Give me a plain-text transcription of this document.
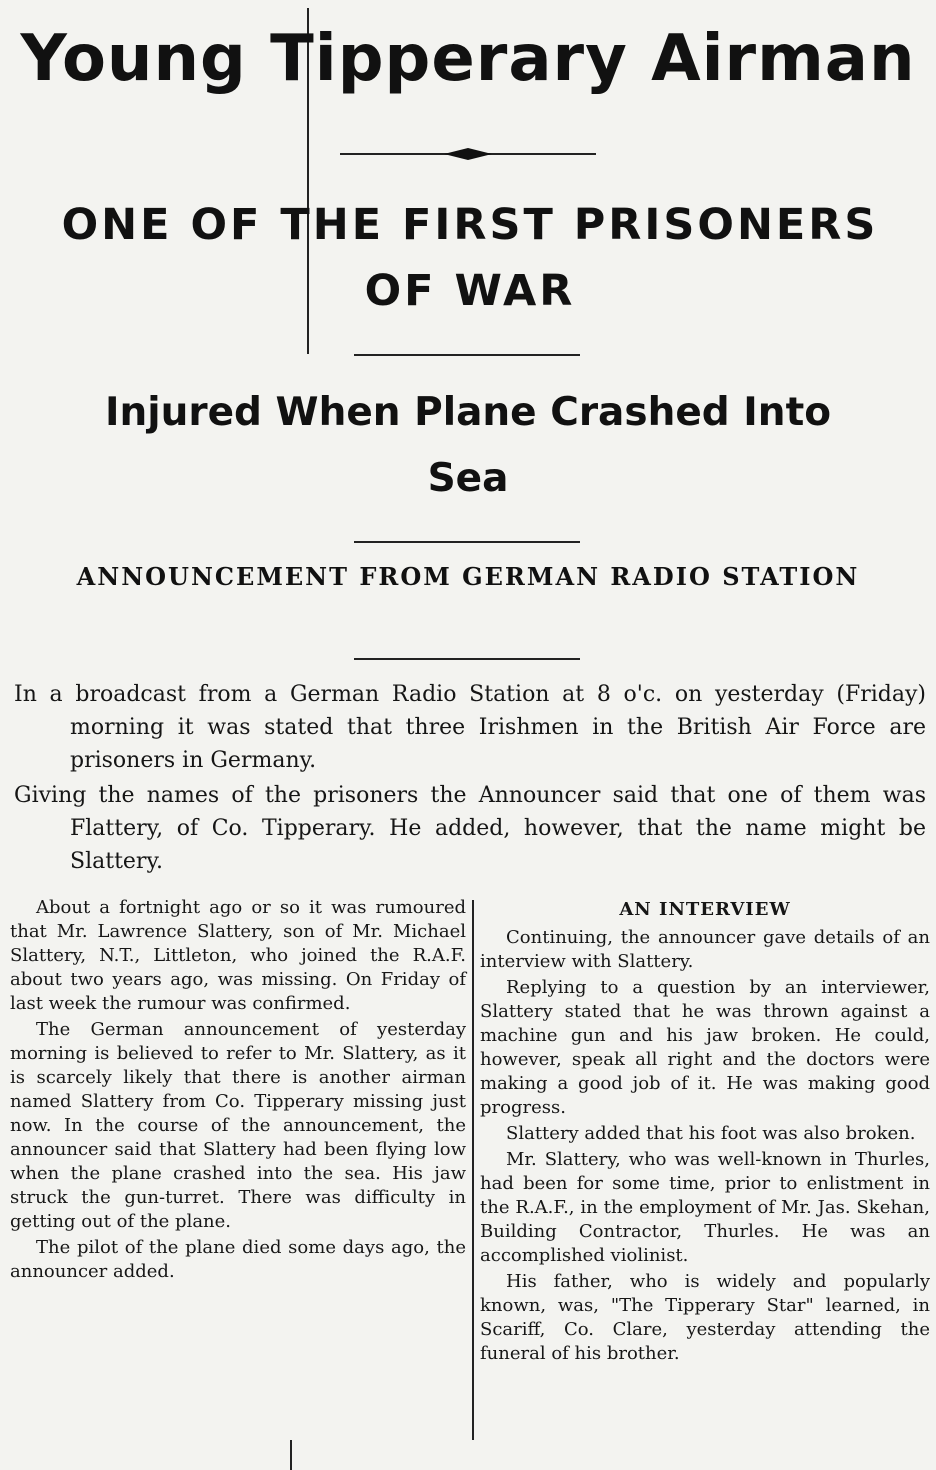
Young Tipperary Airman
ONE OF THE FIRST PRISONERS OF WAR
Injured When Plane Crashed Into Sea
ANNOUNCEMENT FROM GERMAN RADIO STATION

In a broadcast from a German Radio Station at 8 o'c. on yesterday (Friday) morning it was stated that three Irishmen in the British Air Force are prisoners in Germany.

Giving the names of the prisoners the Announcer said that one of them was Flattery, of Co. Tipperary. He added, however, that the name might be Slattery.

About a fortnight ago or so it was rumoured that Mr. Lawrence Slattery, son of Mr. Michael Slattery, N.T., Littleton, who joined the R.A.F. about two years ago, was missing. On Friday of last week the rumour was confirmed.

The German announcement of yesterday morning is believed to refer to Mr. Slattery, as it is scarcely likely that there is another airman named Slattery from Co. Tipperary missing just now. In the course of the announcement, the announcer said that Slattery had been flying low when the plane crashed into the sea. His jaw struck the gun-turret. There was difficulty in getting out of the plane.

The pilot of the plane died some days ago, the announcer added.

AN INTERVIEW

Continuing, the announcer gave details of an interview with Slattery.

Replying to a question by an interviewer, Slattery stated that he was thrown against a machine gun and his jaw broken. He could, however, speak all right and the doctors were making a good job of it. He was making good progress.

Slattery added that his foot was also broken.

Mr. Slattery, who was well-known in Thurles, had been for some time, prior to enlistment in the R.A.F., in the employment of Mr. Jas. Skehan, Building Contractor, Thurles. He was an accomplished violinist.

His father, who is widely and popularly known, was, "The Tipperary Star" learned, in Scariff, Co. Clare, yesterday attending the funeral of his brother.
